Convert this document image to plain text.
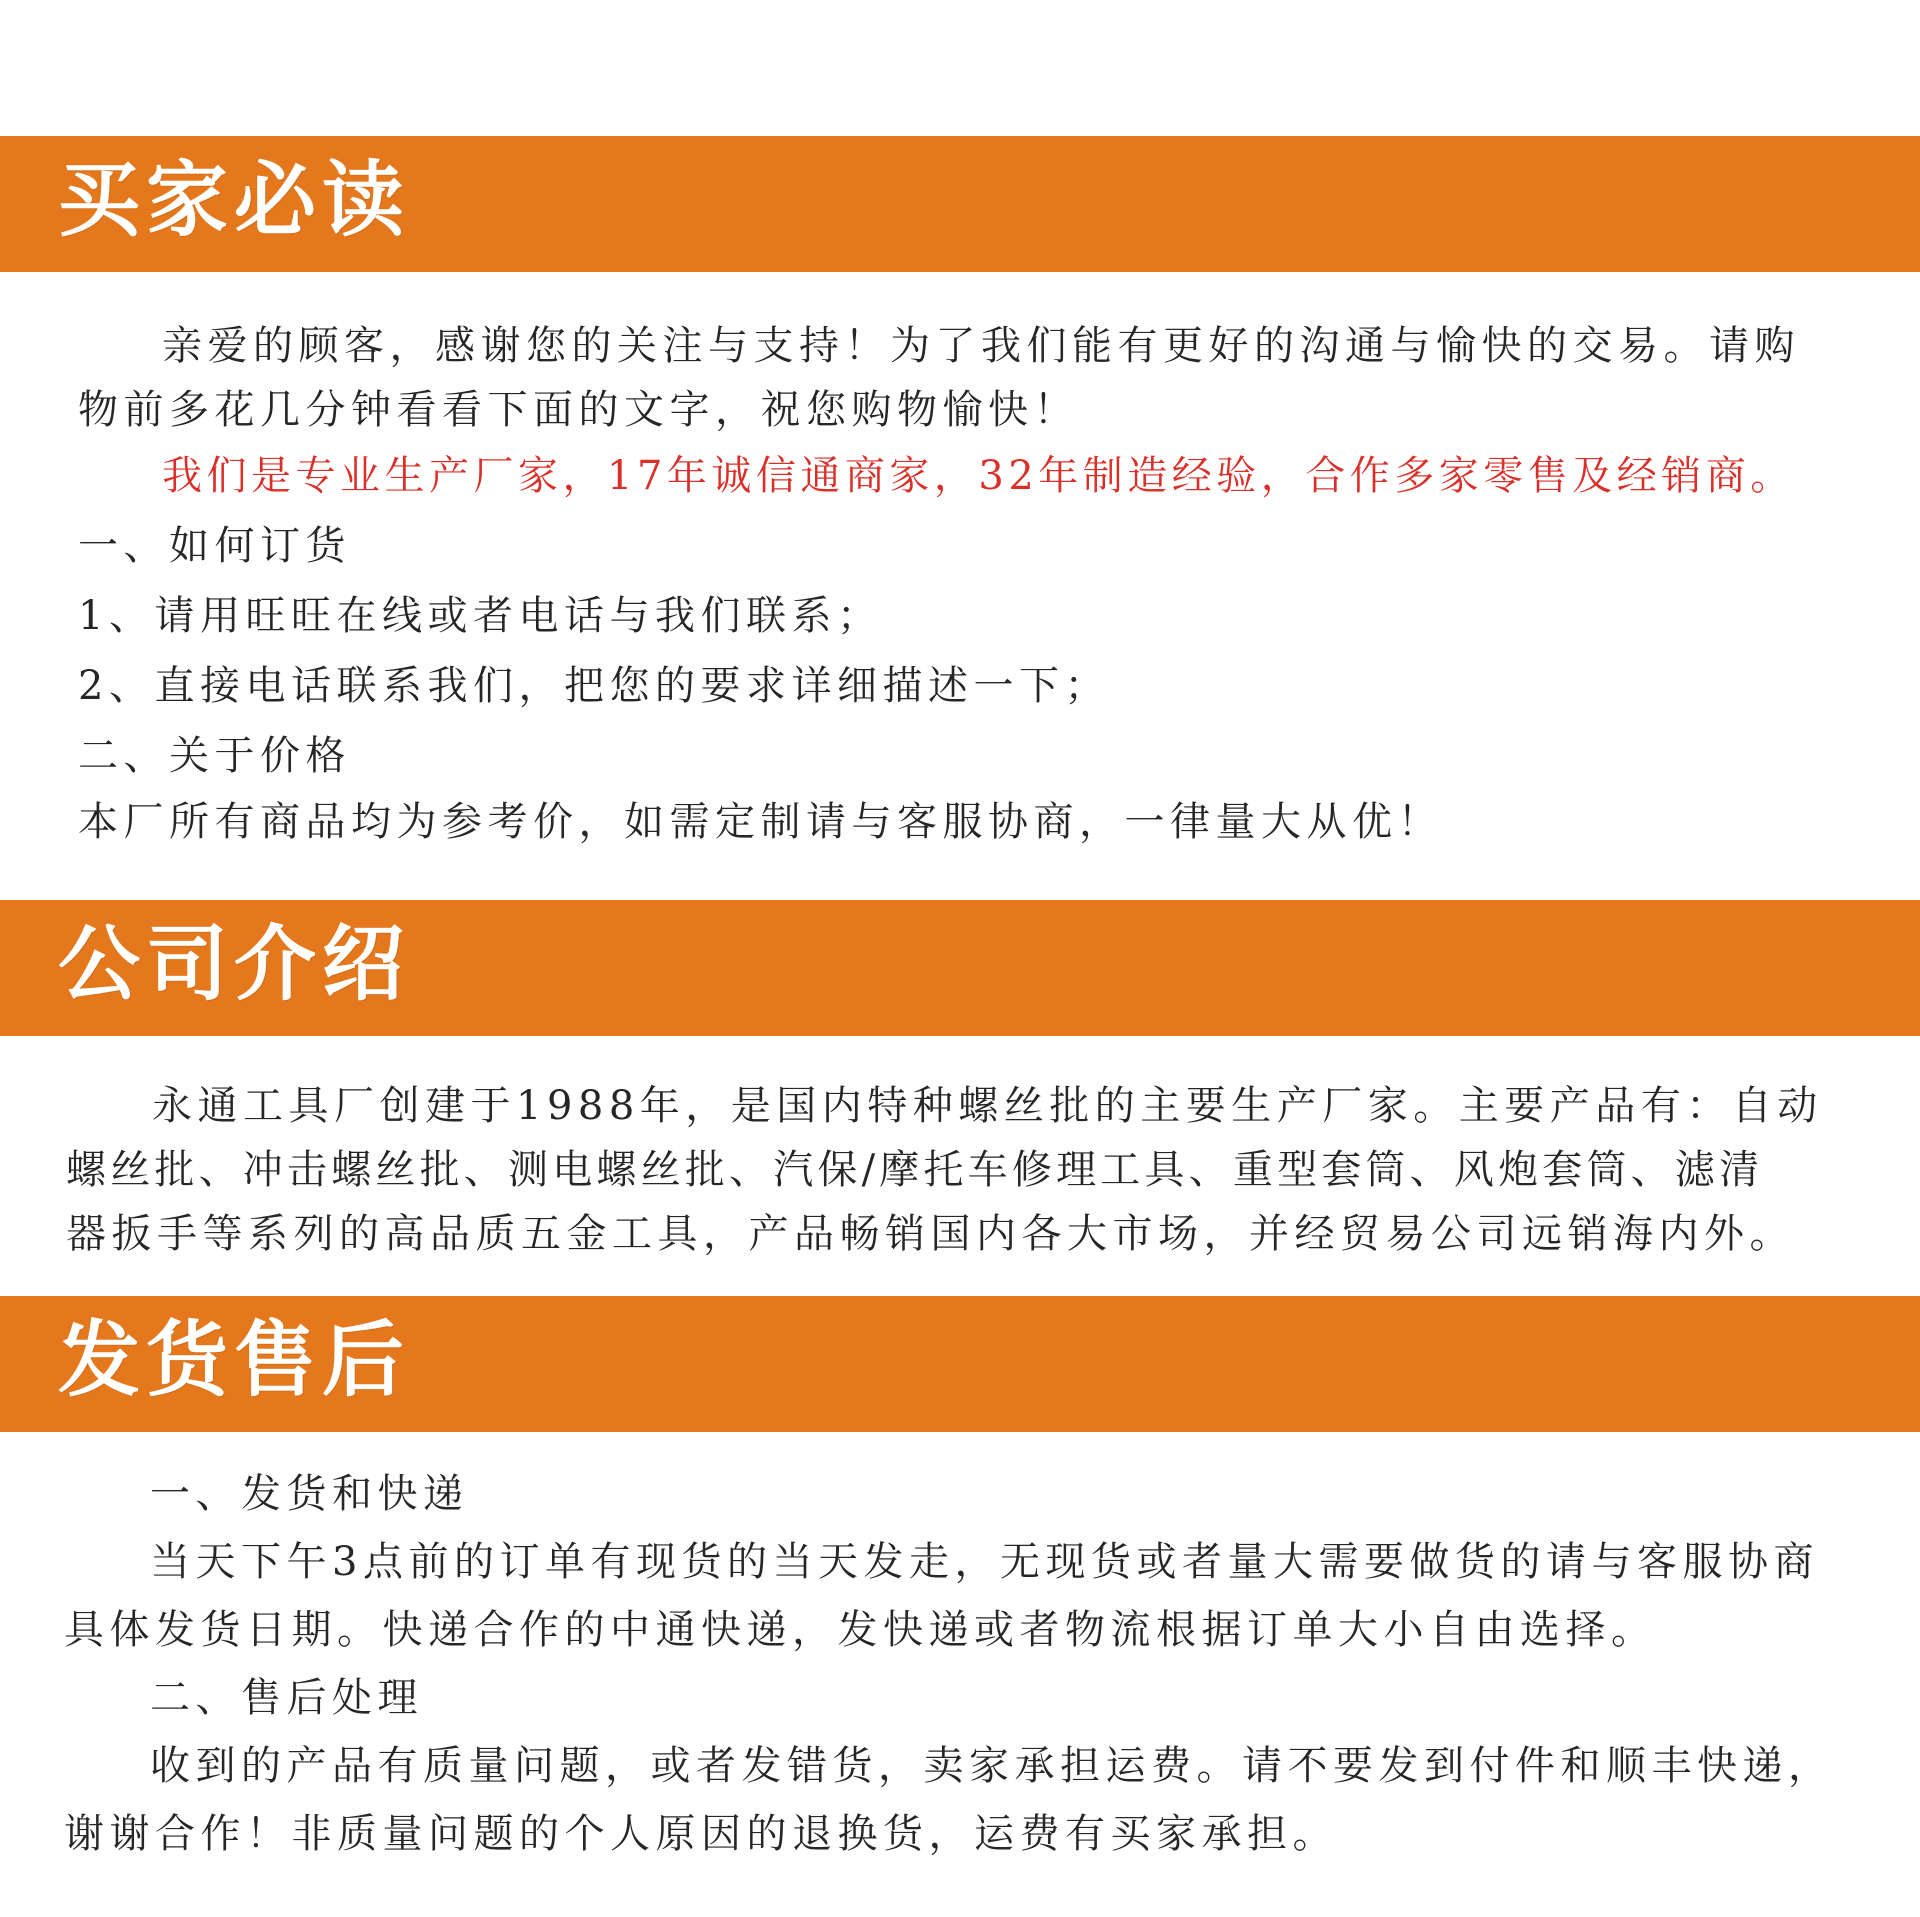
买家必读

亲爱的顾客，感谢您的关注与支持！为了我们能有更好的沟通与愉快的交易。请购

物前多花几分钟看看下面的文字，祝您购物愉快！

我们是专业生产厂家，17年诚信通商家，32年制造经验，合作多家零售及经销商。

一、如何订货

1、请用旺旺在线或者电话与我们联系；

2、直接电话联系我们，把您的要求详细描述一下；

二、关于价格

本厂所有商品均为参考价，如需定制请与客服协商，一律量大从优！

公司介绍

永通工具厂创建于1988年，是国内特种螺丝批的主要生产厂家。主要产品有：自动

螺丝批、冲击螺丝批、测电螺丝批、汽保/摩托车修理工具、重型套筒、风炮套筒、滤清

器扳手等系列的高品质五金工具，产品畅销国内各大市场，并经贸易公司远销海内外。

发货售后

一、发货和快递

当天下午3点前的订单有现货的当天发走，无现货或者量大需要做货的请与客服协商

具体发货日期。快递合作的中通快递，发快递或者物流根据订单大小自由选择。

二、售后处理

收到的产品有质量问题，或者发错货，卖家承担运费。请不要发到付件和顺丰快递，

谢谢合作！非质量问题的个人原因的退换货，运费有买家承担。
